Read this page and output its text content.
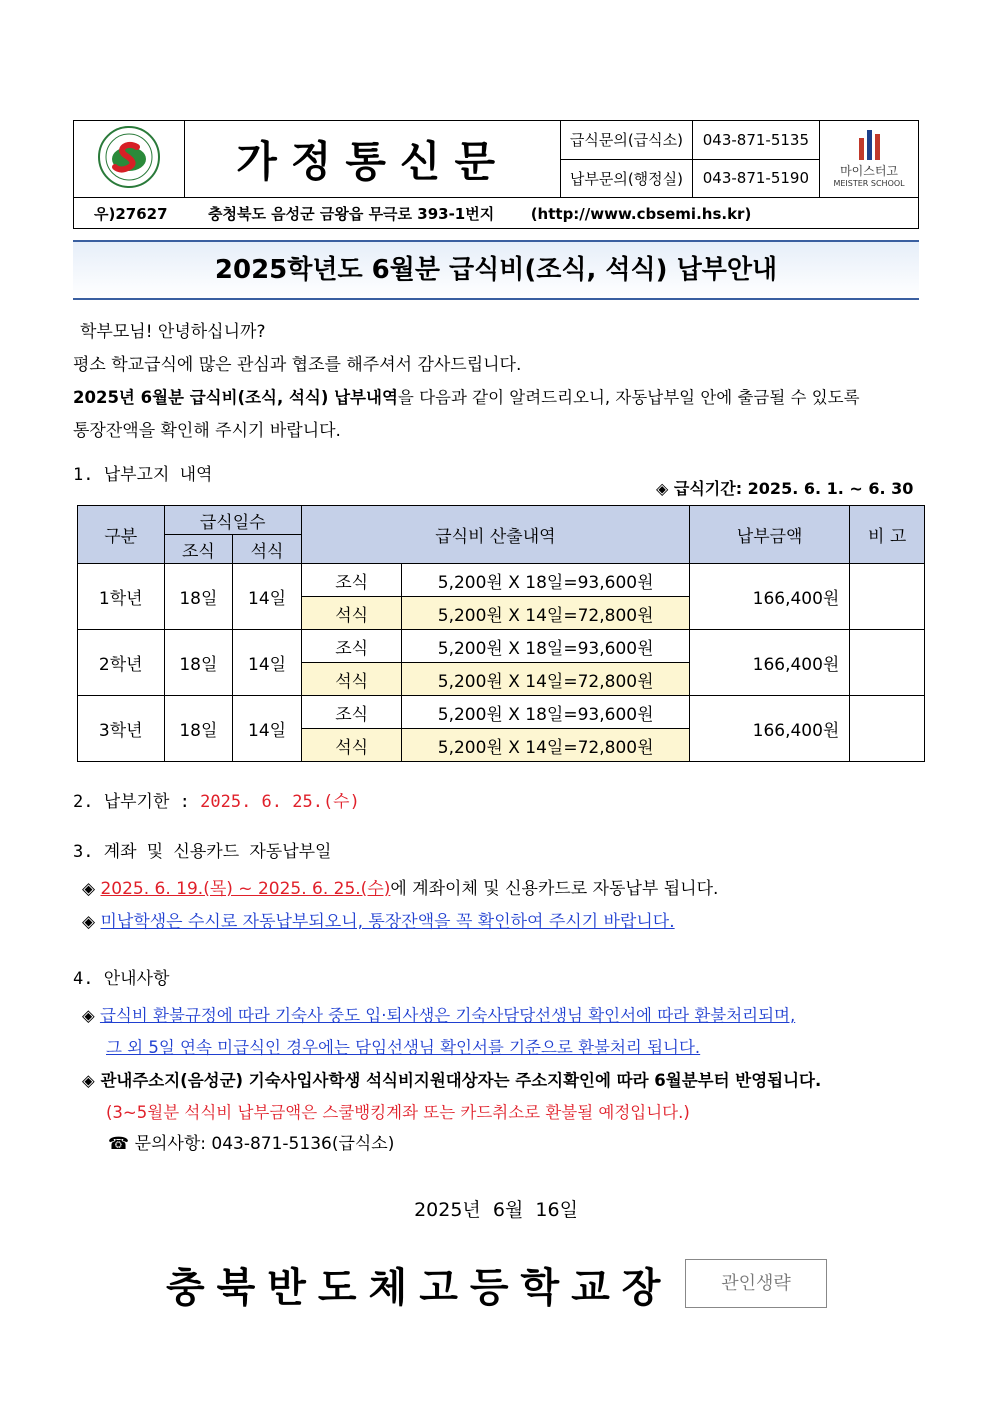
	가정통신문	급식문의(급식소)	043-871-5135	마이스터고
MEISTER SCHOOL

		납부문의(행정실)	043-871-5190	
우)27627 충청북도 음성군 금왕읍 무극로 393-1번지 (http://www.cbsemi.hs.kr)				
2025학년도 6월분 급식비(조식, 석식) 납부안내
학부모님! 안녕하십니까?
평소 학교급식에 많은 관심과 협조를 해주셔서 감사드립니다.
2025년 6월분 급식비(조식, 석식) 납부내역을 다음과 같이 알려드리오니, 자동납부일 안에 출금될 수 있도록
통장잔액을 확인해 주시기 바랍니다.
1. 납부고지 내역
◈ 급식기간: 2025. 6. 1. ~ 6. 30
구분	급식일수		급식비 산출내역		납부금액	비 고
	조식	석식				
1학년	18일	14일	조식	5,200원 X 18일=93,600원	166,400원	
			석식	5,200원 X 14일=72,800원		
2학년	18일	14일	조식	5,200원 X 18일=93,600원	166,400원	
			석식	5,200원 X 14일=72,800원		
3학년	18일	14일	조식	5,200원 X 18일=93,600원	166,400원	
			석식	5,200원 X 14일=72,800원		
2. 납부기한 : 2025. 6. 25.(수)
3. 계좌 및 신용카드 자동납부일
◈ 2025. 6. 19.(목) ~ 2025. 6. 25.(수)에 계좌이체 및 신용카드로 자동납부 됩니다.
◈ 미납학생은 수시로 자동납부되오니, 통장잔액을 꼭 확인하여 주시기 바랍니다.
4. 안내사항
◈ 급식비 환불규정에 따라 기숙사 중도 입·퇴사생은 기숙사담당선생님 확인서에 따라 환불처리되며,
그 외 5일 연속 미급식인 경우에는 담임선생님 확인서를 기준으로 환불처리 됩니다.
◈ 관내주소지(음성군) 기숙사입사학생 석식비지원대상자는 주소지확인에 따라 6월분부터 반영됩니다.
(3~5월분 석식비 납부금액은 스쿨뱅킹계좌 또는 카드취소로 환불될 예정입니다.)
☎ 문의사항: 043-871-5136(급식소)
2025년  6월  16일
충북반도체고등학교장	관인생략
